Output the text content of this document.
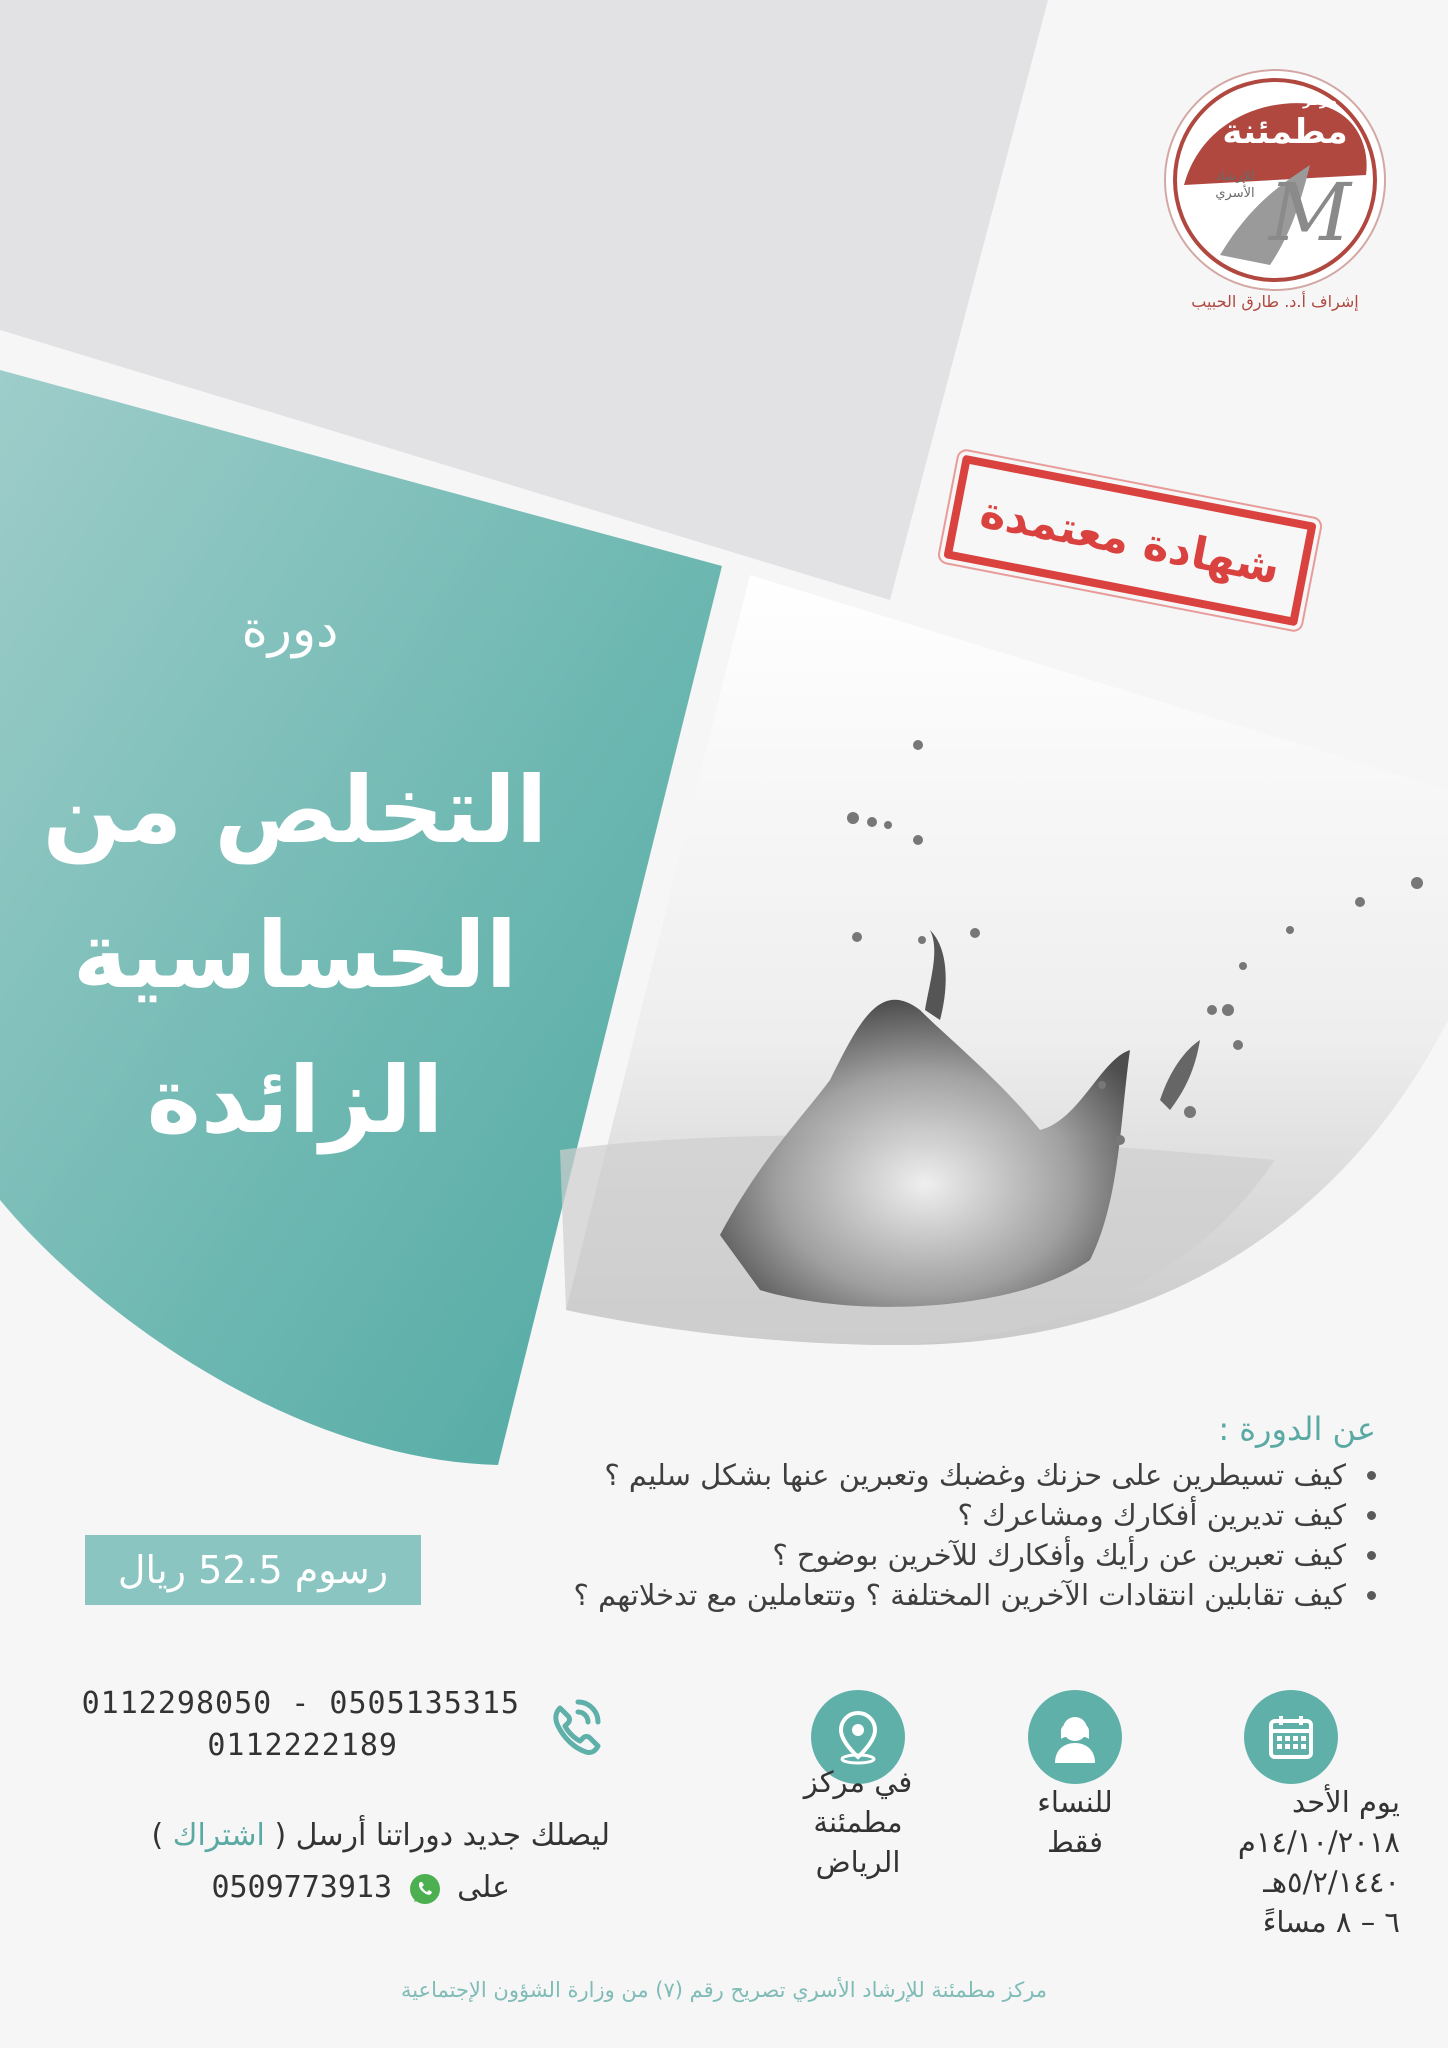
M
مركز
مطمئنة
للإرشاد
الأسري
إشراف أ.د. طارق الحبيب
شهادة معتمدة
دورة
التخلص من
الحساسية
الزائدة
عن الدورة :
كيف تسيطرين على حزنك وغضبك وتعبرين عنها بشكل سليم ؟
كيف تديرين أفكارك ومشاعرك ؟
كيف تعبرين عن رأيك وأفكارك للآخرين بوضوح ؟
كيف تقابلين انتقادات الآخرين المختلفة ؟ وتتعاملين مع تدخلاتهم ؟
رسوم 52.5 ريال
0112298050 - 0505135315
0112222189
ليصلك جديد دوراتنا أرسل ( اشتراك )
على  0509773913
في مركز
مطمئنة
الرياض
للنساء
فقط
يوم الأحد
١٤/١٠/٢٠١٨م
٥/٢/١٤٤٠هـ
٦ – ٨ مساءً
مركز مطمئنة للإرشاد الأسري تصريح رقم (٧) من وزارة الشؤون الإجتماعية
